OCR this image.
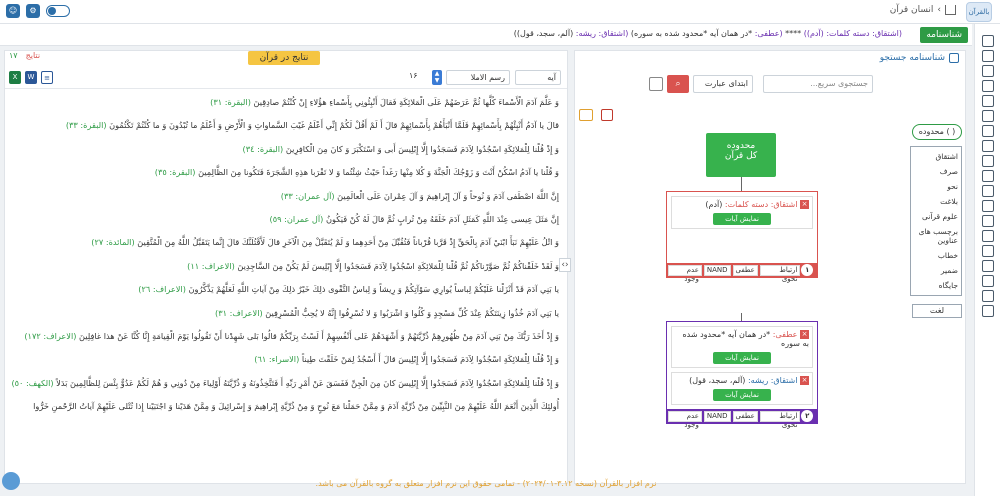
بالقرآن
›
انسان قرآن
☺	⚙
شناسنامه
(اشتقاق: دسته کلمات: (آدم)) **** (عطفی: *در همان آیه *محدود شده به سوره) (اشتقاق: ریشه: (آلم، سجد، قول))
۱۷ نتایج	نتایج در قرآن
X	W	≡	۱۶	▲
▼	رسم الاملا	آیه
وَ عَلَّمَ آدَمَ الْأَسْماءَ كُلَّها ثُمَّ عَرَضَهُمْ عَلَى الْمَلائِكَةِ فَقالَ أَنْبِئُونِي بِأَسْماءِ هؤُلاءِ إِنْ كُنْتُمْ صادِقِينَ (البقرة: ٣١)
قالَ يا آدَمُ أَنْبِئْهُمْ بِأَسْمائِهِمْ فَلَمَّا أَنْبَأَهُمْ بِأَسْمائِهِمْ قالَ أَ لَمْ أَقُلْ لَكُمْ إِنِّي أَعْلَمُ غَيْبَ السَّماواتِ وَ الْأَرْضِ وَ أَعْلَمُ ما تُبْدُونَ وَ ما كُنْتُمْ تَكْتُمُونَ (البقرة: ٣٣)
وَ إِذْ قُلْنا لِلْمَلائِكَةِ اسْجُدُوا لِآدَمَ فَسَجَدُوا إِلَّا إِبْلِيسَ أَبى وَ اسْتَكْبَرَ وَ كانَ مِنَ الْكافِرِينَ (البقرة: ٣٤)
وَ قُلْنا يا آدَمُ اسْكُنْ أَنْتَ وَ زَوْجُكَ الْجَنَّةَ وَ كُلا مِنْها رَغَداً حَيْثُ شِئْتُما وَ لا تَقْرَبا هذِهِ الشَّجَرَةَ فَتَكُونا مِنَ الظَّالِمِينَ (البقرة: ٣٥)
إِنَّ اللَّهَ اصْطَفى آدَمَ وَ نُوحاً وَ آلَ إِبْراهِيمَ وَ آلَ عِمْرانَ عَلَى الْعالَمِينَ (آل عمران: ٣٣)
إِنَّ مَثَلَ عِيسى عِنْدَ اللَّهِ كَمَثَلِ آدَمَ خَلَقَهُ مِنْ تُرابٍ ثُمَّ قالَ لَهُ كُنْ فَيَكُونُ (آل عمران: ٥٩)
وَ اتْلُ عَلَيْهِمْ نَبَأَ ابْنَيْ آدَمَ بِالْحَقِّ إِذْ قَرَّبا قُرْباناً فَتُقُبِّلَ مِنْ أَحَدِهِما وَ لَمْ يُتَقَبَّلْ مِنَ الْآخَرِ قالَ لَأَقْتُلَنَّكَ قالَ إِنَّما يَتَقَبَّلُ اللَّهُ مِنَ الْمُتَّقِينَ (المائدة: ٢٧)
وَ لَقَدْ خَلَقْناكُمْ ثُمَّ صَوَّرْناكُمْ ثُمَّ قُلْنا لِلْمَلائِكَةِ اسْجُدُوا لِآدَمَ فَسَجَدُوا إِلَّا إِبْلِيسَ لَمْ يَكُنْ مِنَ السَّاجِدِينَ (الاعراف: ١١)
يا بَنِي آدَمَ قَدْ أَنْزَلْنا عَلَيْكُمْ لِباساً يُوارِي سَوْآتِكُمْ وَ رِيشاً وَ لِباسُ التَّقْوى ذلِكَ خَيْرٌ ذلِكَ مِنْ آياتِ اللَّهِ لَعَلَّهُمْ يَذَّكَّرُونَ (الاعراف: ٢٦)
يا بَنِي آدَمَ خُذُوا زِينَتَكُمْ عِنْدَ كُلِّ مَسْجِدٍ وَ كُلُوا وَ اشْرَبُوا وَ لا تُسْرِفُوا إِنَّهُ لا يُحِبُّ الْمُسْرِفِينَ (الاعراف: ٣١)
وَ إِذْ أَخَذَ رَبُّكَ مِنْ بَنِي آدَمَ مِنْ ظُهُورِهِمْ ذُرِّيَّتَهُمْ وَ أَشْهَدَهُمْ عَلى أَنْفُسِهِمْ أَ لَسْتُ بِرَبِّكُمْ قالُوا بَلى شَهِدْنا أَنْ تَقُولُوا يَوْمَ الْقِيامَةِ إِنَّا كُنَّا عَنْ هذا غافِلِينَ (الاعراف: ١٧٢)
وَ إِذْ قُلْنا لِلْمَلائِكَةِ اسْجُدُوا لِآدَمَ فَسَجَدُوا إِلَّا إِبْلِيسَ قالَ أَ أَسْجُدُ لِمَنْ خَلَقْتَ طِيناً (الاسراء: ٦١)
وَ إِذْ قُلْنا لِلْمَلائِكَةِ اسْجُدُوا لِآدَمَ فَسَجَدُوا إِلَّا إِبْلِيسَ كانَ مِنَ الْجِنِّ فَفَسَقَ عَنْ أَمْرِ رَبِّهِ أَ فَتَتَّخِذُونَهُ وَ ذُرِّيَّتَهُ أَوْلِياءَ مِنْ دُونِي وَ هُمْ لَكُمْ عَدُوٌّ بِئْسَ لِلظَّالِمِينَ بَدَلاً (الكهف: ٥٠)
أُولئِكَ الَّذِينَ أَنْعَمَ اللَّهُ عَلَيْهِمْ مِنَ النَّبِيِّينَ مِنْ ذُرِّيَّةِ آدَمَ وَ مِمَّنْ حَمَلْنا مَعَ نُوحٍ وَ مِنْ ذُرِّيَّةِ إِبْراهِيمَ وَ إِسْرائِيلَ وَ مِمَّنْ هَدَيْنا وَ اجْتَبَيْنا إِذا تُتْلى عَلَيْهِمْ آياتُ الرَّحْمنِ خَرُّوا
‹›
شناسنامه جستجو
جستجوی سریع...
ابتدای عبارت
⌕
محدوده
کل قرآن
× اشتقاق: دسته کلمات: (آدم)
نمایش آیات
١
ارتباط نحوی
عطفی
NAND
عدم وجود
× عطفی: *در همان آیه *محدود شده به سوره
نمایش آیات
× اشتقاق: ریشه: (آلم، سجد، قول)
نمایش آیات
٢
ارتباط نحوی
عطفی
NAND
عدم وجود
( ) محدوده
اشتقاق
صرف
نحو
بلاغت
علوم قرآنی
برچسب های عناوین
خطاب
ضمیر
جایگاه
لغت
نرم افزار بالقرآن (نسخه ۳.۱۲-۲۰۲۴/۰۱) - تمامی حقوق این نرم افزار متعلق به گروه بالقرآن می باشد.
